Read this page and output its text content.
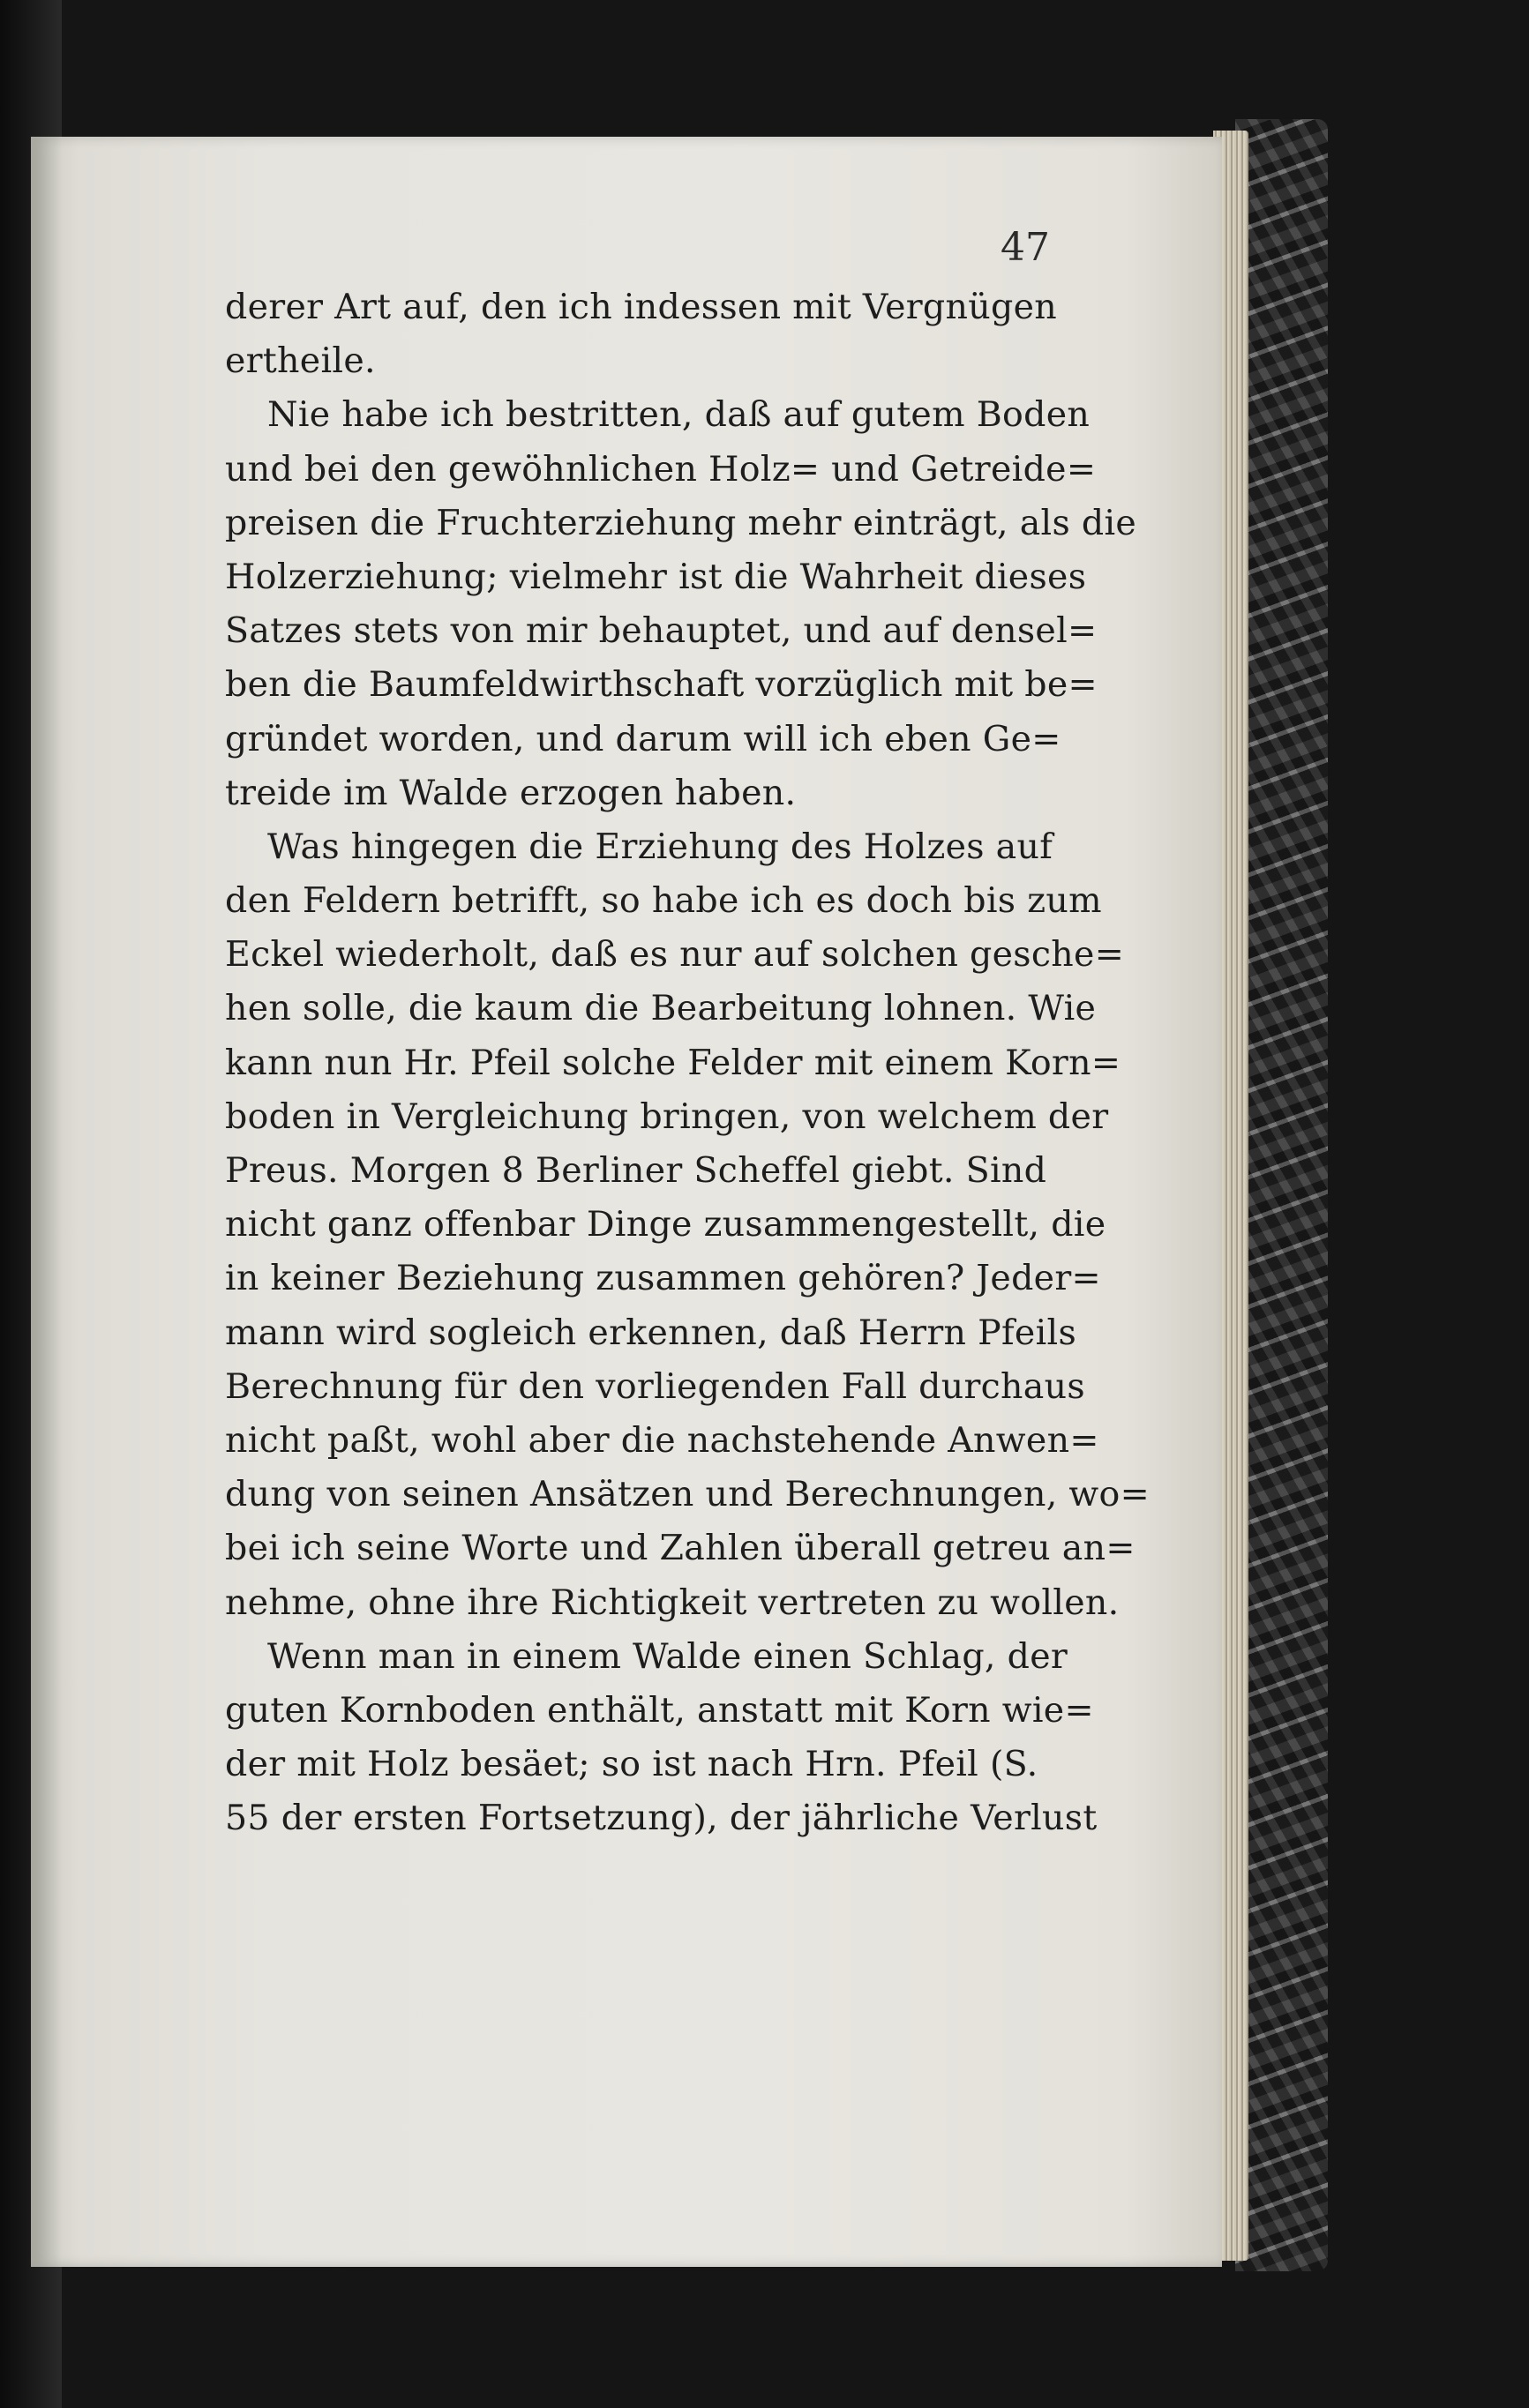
47

derer Art auf, den ich indessen mit Vergnügen
ertheile.
Nie habe ich bestritten, daß auf gutem Boden
und bei den gewöhnlichen Holz= und Getreide=
preisen die Fruchterziehung mehr einträgt, als die
Holzerziehung; vielmehr ist die Wahrheit dieses
Satzes stets von mir behauptet, und auf densel=
ben die Baumfeldwirthschaft vorzüglich mit be=
gründet worden, und darum will ich eben Ge=
treide im Walde erzogen haben.
Was hingegen die Erziehung des Holzes auf
den Feldern betrifft, so habe ich es doch bis zum
Eckel wiederholt, daß es nur auf solchen gesche=
hen solle, die kaum die Bearbeitung lohnen. Wie
kann nun Hr. Pfeil solche Felder mit einem Korn=
boden in Vergleichung bringen, von welchem der
Preus. Morgen 8 Berliner Scheffel giebt. Sind
nicht ganz offenbar Dinge zusammengestellt, die
in keiner Beziehung zusammen gehören? Jeder=
mann wird sogleich erkennen, daß Herrn Pfeils
Berechnung für den vorliegenden Fall durchaus
nicht paßt, wohl aber die nachstehende Anwen=
dung von seinen Ansätzen und Berechnungen, wo=
bei ich seine Worte und Zahlen überall getreu an=
nehme, ohne ihre Richtigkeit vertreten zu wollen.
Wenn man in einem Walde einen Schlag, der
guten Kornboden enthält, anstatt mit Korn wie=
der mit Holz besäet; so ist nach Hrn. Pfeil (S.
55 der ersten Fortsetzung), der jährliche Verlust
